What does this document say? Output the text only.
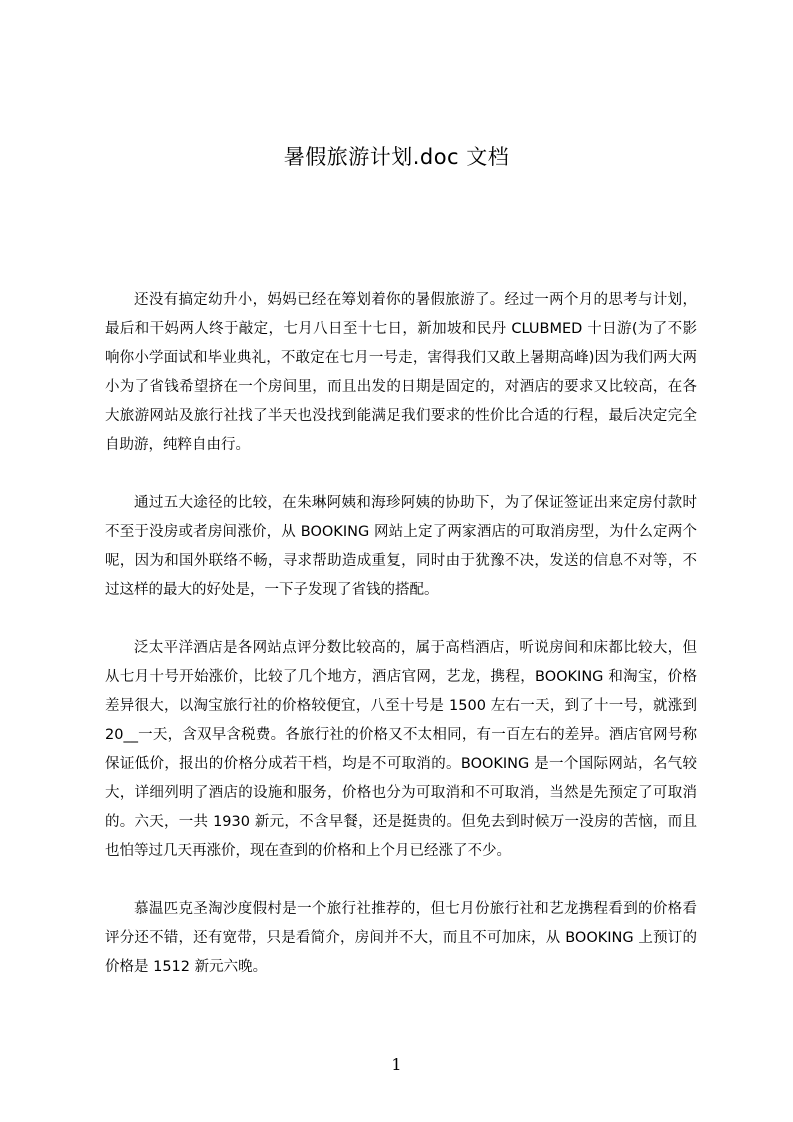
暑假旅游计划.doc 文档

还没有搞定幼升小，妈妈已经在筹划着你的暑假旅游了。经过一两个月的思考与计划，最后和干妈两人终于敲定，七月八日至十七日，新加坡和民丹 CLUBMED 十日游(为了不影响你小学面试和毕业典礼，不敢定在七月一号走，害得我们又敢上暑期高峰)因为我们两大两小为了省钱希望挤在一个房间里，而且出发的日期是固定的，对酒店的要求又比较高，在各大旅游网站及旅行社找了半天也没找到能满足我们要求的性价比合适的行程，最后决定完全自助游，纯粹自由行。

通过五大途径的比较，在朱琳阿姨和海珍阿姨的协助下，为了保证签证出来定房付款时不至于没房或者房间涨价，从 BOOKING 网站上定了两家酒店的可取消房型，为什么定两个呢，因为和国外联络不畅，寻求帮助造成重复，同时由于犹豫不决，发送的信息不对等，不过这样的最大的好处是，一下子发现了省钱的搭配。

泛太平洋酒店是各网站点评分数比较高的，属于高档酒店，听说房间和床都比较大，但从七月十号开始涨价，比较了几个地方，酒店官网，艺龙，携程，BOOKING 和淘宝，价格差异很大，以淘宝旅行社的价格较便宜，八至十号是 1500 左右一天，到了十一号，就涨到 20__一天，含双早含税费。各旅行社的价格又不太相同，有一百左右的差异。酒店官网号称保证低价，报出的价格分成若干档，均是不可取消的。BOOKING 是一个国际网站，名气较大，详细列明了酒店的设施和服务，价格也分为可取消和不可取消，当然是先预定了可取消的。六天，一共 1930 新元，不含早餐，还是挺贵的。但免去到时候万一没房的苦恼，而且也怕等过几天再涨价，现在查到的价格和上个月已经涨了不少。

慕温匹克圣淘沙度假村是一个旅行社推荐的，但七月份旅行社和艺龙携程看到的价格看评分还不错，还有宽带，只是看简介，房间并不大，而且不可加床，从 BOOKING 上预订的价格是 1512 新元六晚。

1
